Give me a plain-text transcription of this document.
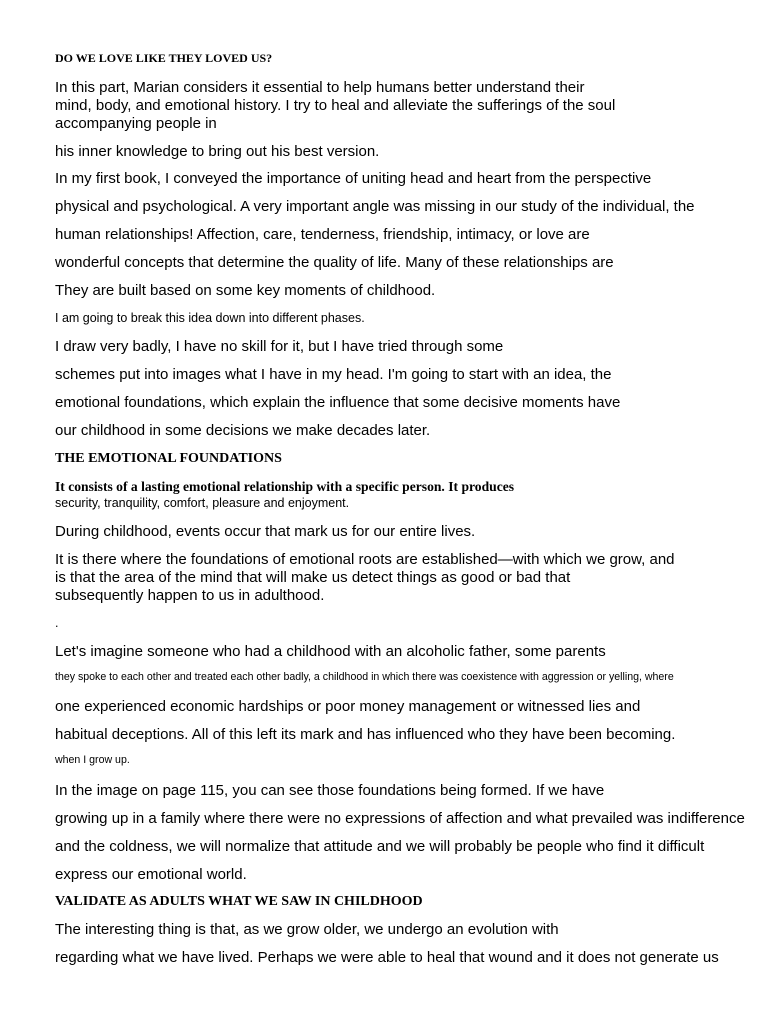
DO WE LOVE LIKE THEY LOVED US?

In this part, Marian considers it essential to help humans better understand their

mind, body, and emotional history. I try to heal and alleviate the sufferings of the soul

accompanying people in

his inner knowledge to bring out his best version.

In my first book, I conveyed the importance of uniting head and heart from the perspective

physical and psychological. A very important angle was missing in our study of the individual, the

human relationships! Affection, care, tenderness, friendship, intimacy, or love are

wonderful concepts that determine the quality of life. Many of these relationships are

They are built based on some key moments of childhood.

I am going to break this idea down into different phases.

I draw very badly, I have no skill for it, but I have tried through some

schemes put into images what I have in my head. I'm going to start with an idea, the

emotional foundations, which explain the influence that some decisive moments have

our childhood in some decisions we make decades later.

THE EMOTIONAL FOUNDATIONS

It consists of a lasting emotional relationship with a specific person. It produces

security, tranquility, comfort, pleasure and enjoyment.

During childhood, events occur that mark us for our entire lives.

It is there where the foundations of emotional roots are established—with which we grow, and

is that the area of the mind that will make us detect things as good or bad that

subsequently happen to us in adulthood.

.

Let's imagine someone who had a childhood with an alcoholic father, some parents

they spoke to each other and treated each other badly, a childhood in which there was coexistence with aggression or yelling, where

one experienced economic hardships or poor money management or witnessed lies and

habitual deceptions. All of this left its mark and has influenced who they have been becoming.

when I grow up.

In the image on page 115, you can see those foundations being formed. If we have

growing up in a family where there were no expressions of affection and what prevailed was indifference

and the coldness, we will normalize that attitude and we will probably be people who find it difficult

express our emotional world.

VALIDATE AS ADULTS WHAT WE SAW IN CHILDHOOD

The interesting thing is that, as we grow older, we undergo an evolution with

regarding what we have lived. Perhaps we were able to heal that wound and it does not generate us
